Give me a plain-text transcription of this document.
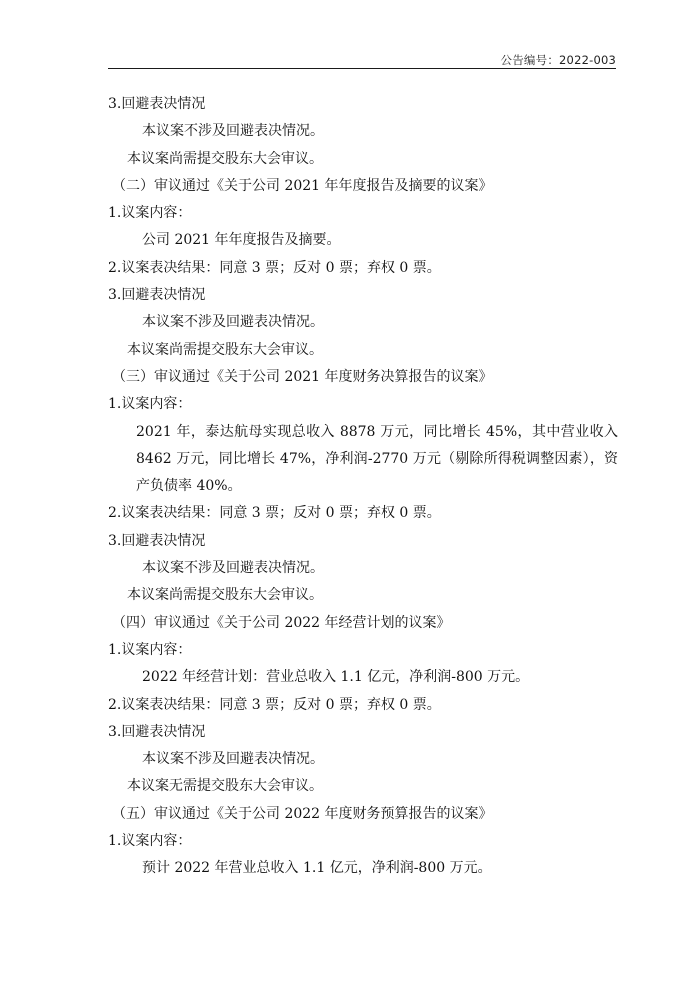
公告编号：2022-003
3.回避表决情况
本议案不涉及回避表决情况。
本议案尚需提交股东大会审议。
（二）审议通过《关于公司 2021 年年度报告及摘要的议案》
1.议案内容：
公司 2021 年年度报告及摘要。
2.议案表决结果：同意 3 票；反对 0 票；弃权 0 票。
3.回避表决情况
本议案不涉及回避表决情况。
本议案尚需提交股东大会审议。
（三）审议通过《关于公司 2021 年度财务决算报告的议案》
1.议案内容：
2021 年，泰达航母实现总收入 8878 万元，同比增长 45%，其中营业收入 8462 万元，同比增长 47%，净利润-2770 万元（剔除所得税调整因素），资产负债率 40%。
2.议案表决结果：同意 3 票；反对 0 票；弃权 0 票。
3.回避表决情况
本议案不涉及回避表决情况。
本议案尚需提交股东大会审议。
（四）审议通过《关于公司 2022 年经营计划的议案》
1.议案内容：
2022 年经营计划：营业总收入 1.1 亿元，净利润-800 万元。
2.议案表决结果：同意 3 票；反对 0 票；弃权 0 票。
3.回避表决情况
本议案不涉及回避表决情况。
本议案无需提交股东大会审议。
（五）审议通过《关于公司 2022 年度财务预算报告的议案》
1.议案内容：
预计 2022 年营业总收入 1.1 亿元，净利润-800 万元。
